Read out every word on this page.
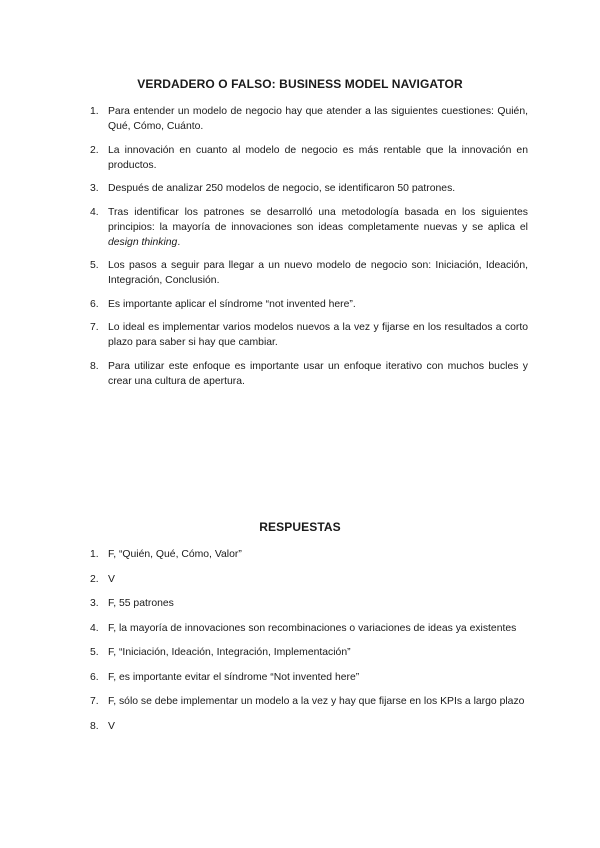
VERDADERO O FALSO: BUSINESS MODEL NAVIGATOR
1. Para entender un modelo de negocio hay que atender a las siguientes cuestiones: Quién, Qué, Cómo, Cuánto.
2. La innovación en cuanto al modelo de negocio es más rentable que la innovación en productos.
3. Después de analizar 250 modelos de negocio, se identificaron 50 patrones.
4. Tras identificar los patrones se desarrolló una metodología basada en los siguientes principios: la mayoría de innovaciones son ideas completamente nuevas y se aplica el design thinking.
5. Los pasos a seguir para llegar a un nuevo modelo de negocio son: Iniciación, Ideación, Integración, Conclusión.
6. Es importante aplicar el síndrome “not invented here”.
7. Lo ideal es implementar varios modelos nuevos a la vez y fijarse en los resultados a corto plazo para saber si hay que cambiar.
8. Para utilizar este enfoque es importante usar un enfoque iterativo con muchos bucles y crear una cultura de apertura.
RESPUESTAS
1. F, “Quién, Qué, Cómo, Valor”
2. V
3. F, 55 patrones
4. F, la mayoría de innovaciones son recombinaciones o variaciones de ideas ya existentes
5. F, “Iniciación, Ideación, Integración, Implementación”
6. F, es importante evitar el síndrome “Not invented here”
7. F, sólo se debe implementar un modelo a la vez y hay que fijarse en los KPIs a largo plazo
8. V
